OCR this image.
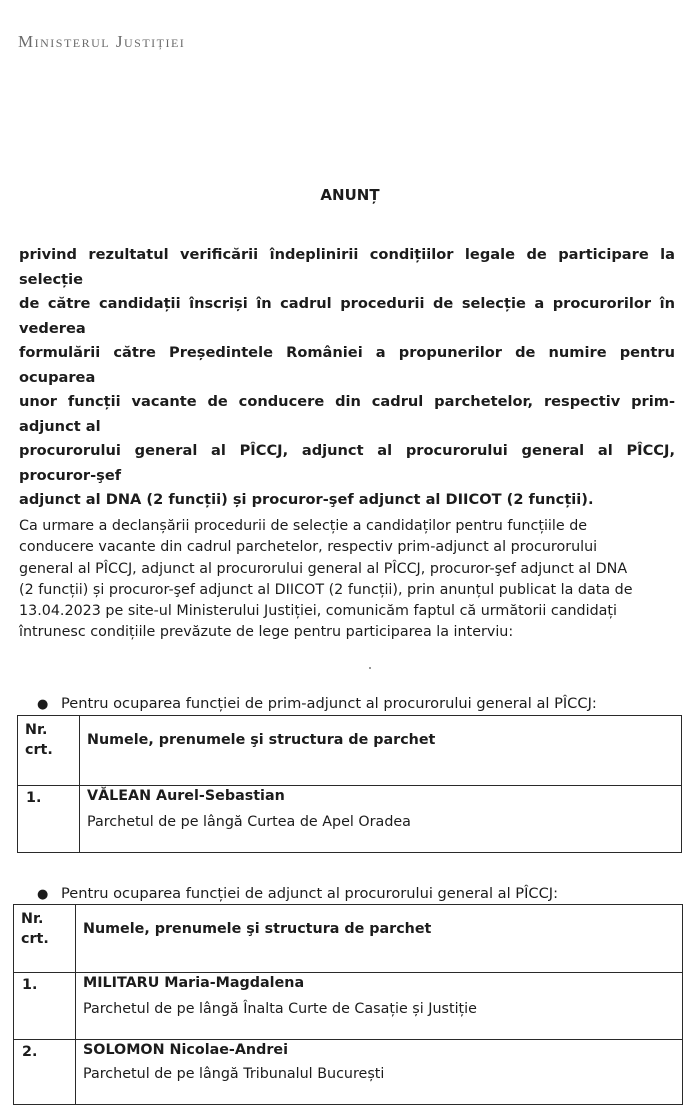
Ministerul Justiției
ANUNȚ

privind rezultatul verificării îndeplinirii condițiilor legale de participare la selecție

de către candidații înscriși în cadrul procedurii de selecție a procurorilor în vederea

formulării către Președintele României a propunerilor de numire pentru ocuparea

unor funcții vacante de conducere din cadrul parchetelor, respectiv prim-adjunct al

procurorului general al PÎCCJ, adjunct al procurorului general al PÎCCJ, procuror-şef

adjunct al DNA (2 funcții) și procuror-şef adjunct al DIICOT (2 funcții).

Ca urmare a declanșării procedurii de selecție a candidaților pentru funcțiile de

conducere vacante din cadrul parchetelor, respectiv prim-adjunct al procurorului

general al PÎCCJ, adjunct al procurorului general al PÎCCJ, procuror-şef adjunct al DNA

(2 funcții) și procuror-şef adjunct al DIICOT (2 funcții), prin anunțul publicat la data de

13.04.2023 pe site-ul Ministerului Justiției, comunicăm faptul că următorii candidați

întrunesc condițiile prevăzute de lege pentru participarea la interviu:

● Pentru ocuparea funcției de prim-adjunct al procurorului general al PÎCCJ:
Nr.
crt.	Numele, prenumele şi structura de parchet
1.	VĂLEAN Aurel-Sebastian
Parchetul de pe lângă Curtea de Apel Oradea
● Pentru ocuparea funcției de adjunct al procurorului general al PÎCCJ:
Nr.
crt.	Numele, prenumele şi structura de parchet
1.	MILITARU Maria-Magdalena
Parchetul de pe lângă Înalta Curte de Casație și Justiție

2.	SOLOMON Nicolae-Andrei
Parchetul de pe lângă Tribunalul București
